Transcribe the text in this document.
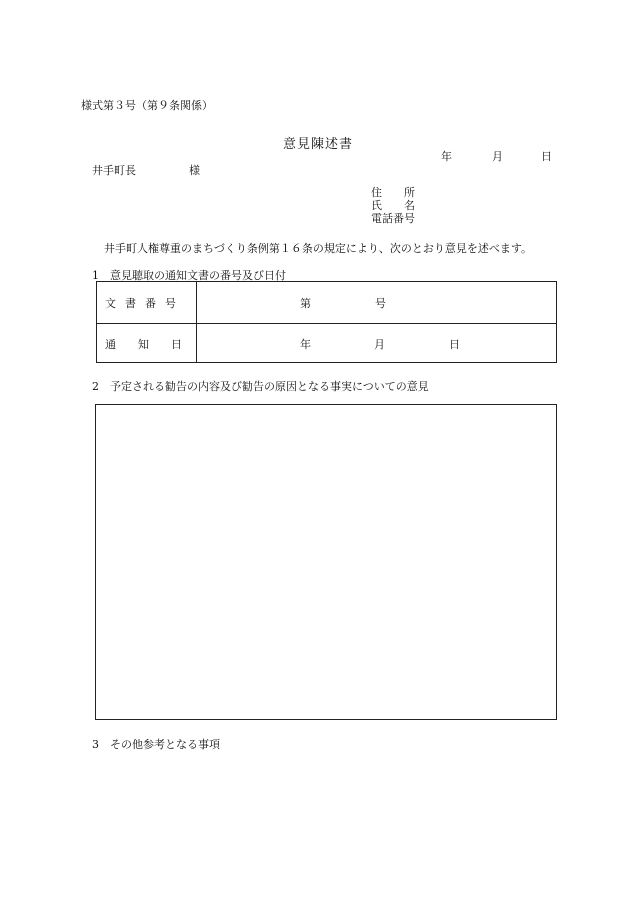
様式第３号（第９条関係）
意見陳述書
年	月	日
井手町長	様
住　　所
氏　　名
電話番号
井手町人権尊重のまちづくり条例第１６条の規定により、次のとおり意見を述べます。
1　意見聴取の通知文書の番号及び日付
文書番号	第	号
通 知 日	年	月	日
2　予定される勧告の内容及び勧告の原因となる事実についての意見
3　その他参考となる事項
